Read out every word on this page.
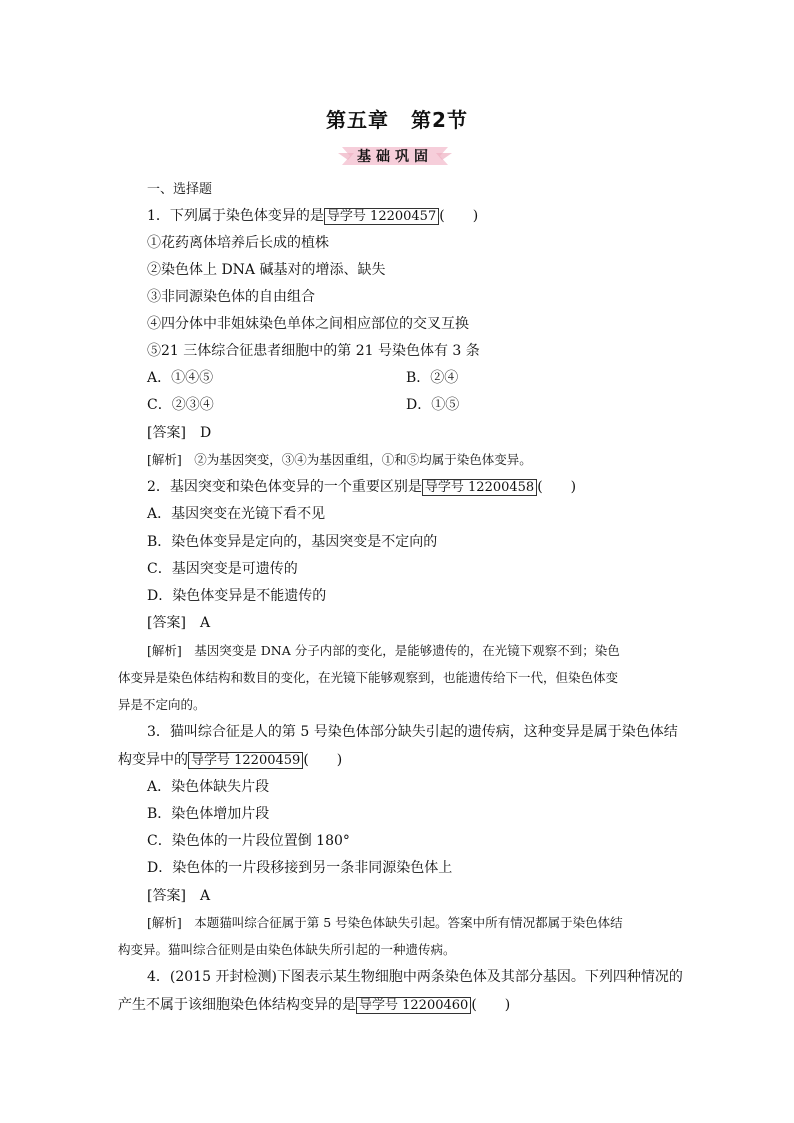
第五章 第2节
基础巩固
一、选择题
1．下列属于染色体变异的是 导学号 12200457 (　　)
①花药离体培养后长成的植株
②染色体上 DNA 碱基对的增添、缺失
③非同源染色体的自由组合
④四分体中非姐妹染色单体之间相应部位的交叉互换
⑤21 三体综合征患者细胞中的第 21 号染色体有 3 条
A．①④⑤	B．②④
C．②③④	D．①⑤
[答案]　 D
[解析]　 ②为基因突变，③④为基因重组，①和⑤均属于染色体变异。
2．基因突变和染色体变异的一个重要区别是 导学号 12200458 (　　)
A．基因突变在光镜下看不见
B．染色体变异是定向的，基因突变是不定向的
C．基因突变是可遗传的
D．染色体变异是不能遗传的
[答案]　 A
[解析]　 基因突变是 DNA 分子内部的变化，是能够遗传的，在光镜下观察不到；染色
体变异是染色体结构和数目的变化，在光镜下能够观察到，也能遗传给下一代，但染色体变
异是不定向的。
3．猫叫综合征是人的第 5 号染色体部分缺失引起的遗传病，这种变异是属于染色体结
构变异中的 导学号 12200459 (　　)
A．染色体缺失片段
B．染色体增加片段
C．染色体的一片段位置倒 180°
D．染色体的一片段移接到另一条非同源染色体上
[答案]　 A
[解析]　 本题猫叫综合征属于第 5 号染色体缺失引起。答案中所有情况都属于染色体结
构变异。猫叫综合征则是由染色体缺失所引起的一种遗传病。
4．(2015 开封检测)下图表示某生物细胞中两条染色体及其部分基因。下列四种情况的
产生不属于该细胞染色体结构变异的是 导学号 12200460 (　　)
